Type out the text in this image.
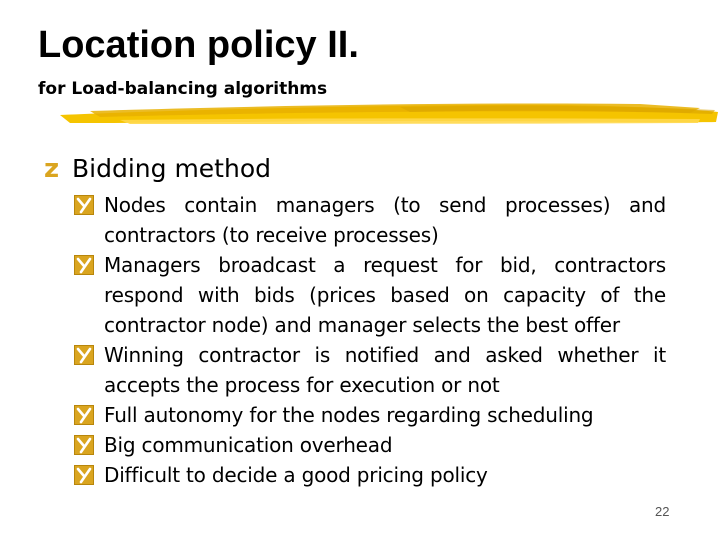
Location policy II.
for Load-balancing algorithms

z Bidding method

Nodes contain managers (to send processes) and contractors (to receive processes)
Managers broadcast a request for bid, contractors respond with bids (prices based on capacity of the contractor node) and manager selects the best offer
Winning contractor is notified and asked whether it accepts the process for execution or not
Full autonomy for the nodes regarding scheduling
Big communication overhead
Difficult to decide a good pricing policy
22
